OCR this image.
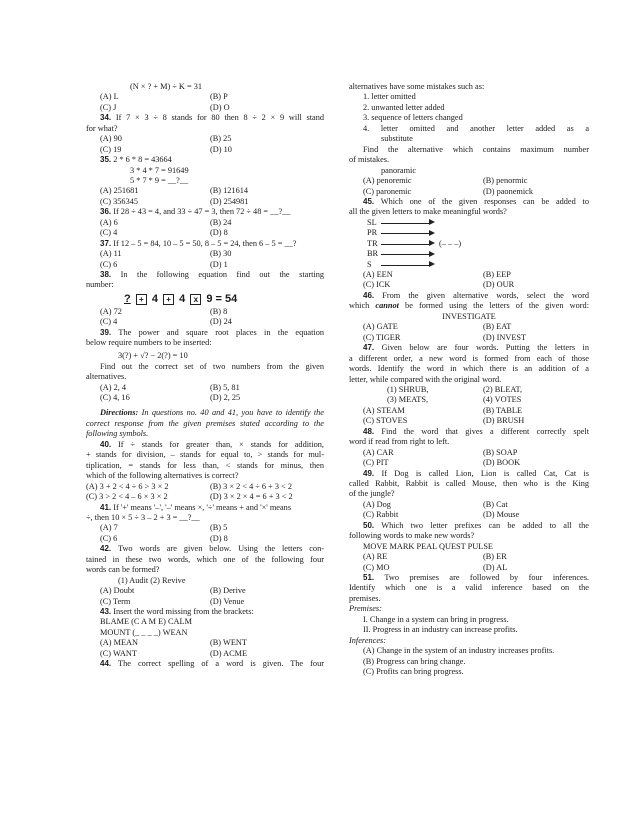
(N × ? + M) ÷ K = 31
(A) L	(B) P
(C) J	(D) O
34. If 7 × 3 ÷ 8 stands for 80 then 8 ÷ 2 × 9 will stand
for what?
(A) 90	(B) 25
(C) 19	(D) 10
35. 2 * 6 * 8 = 43664
3 * 4 * 7 = 91649
5 * 7 * 9 = __?__
(A) 251681	(B) 121614
(C) 356345	(D) 254981
36. If 28 ÷ 43 = 4, and 33 ÷ 47 = 3, then 72 ÷ 48 = __?__
(A) 6	(B) 24
(C) 4	(D) 8
37. If 12 – 5 = 84, 10 – 5 = 50, 8 – 5 = 24, then 6 – 5 = __?
(A) 11	(B) 30
(C) 6	(D) 1
38. In the following equation find out the starting
number:
? + 4 + 4 x 9 = 54
(A) 72	(B) 8
(C) 4	(D) 24
39. The power and square root places in the equation
below require numbers to be inserted:
3(?) + √? − 2(?) = 10
Find out the correct set of two numbers from the given
alternatives.
(A) 2, 4	(B) 5, 81
(C) 4, 16	(D) 2, 25
Directions: In questions no. 40 and 41, you have to identify the
correct response from the given premises stated according to the
following symbols.
40. If ÷ stands for greater than, × stands for addition,
+ stands for division, – stands for equal to, > stands for mul-
tiplication, = stands for less than, < stands for minus, then
which of the following alternatives is correct?
(A) 3 + 2 < 4 ÷ 6 > 3 × 2	(B) 3 × 2 < 4 ÷ 6 + 3 < 2
(C) 3 > 2 < 4 – 6 × 3 × 2	(D) 3 × 2 × 4 = 6 + 3 < 2
41. If '+' means '–', '–' means ×, '÷' means + and '×' means
÷, then 10 × 5 ÷ 3 – 2 + 3 = __?__
(A) 7	(B) 5
(C) 6	(D) 8
42. Two words are given below. Using the letters con-
tained in these two words, which one of the following four
words can be formed?
(1) Audit (2) Revive
(A) Doubt	(B) Derive
(C) Term	(D) Venue
43. Insert the word missing from the brackets:
BLAME (C A M E) CALM
MOUNT (_ _ _ _) WEAN
(A) MEAN	(B) WENT
(C) WANT	(D) ACME
44. The correct spelling of a word is given. The four
alternatives have some mistakes such as:
1. letter omitted
2. unwanted letter added
3. sequence of letters changed
4. letter omitted and another letter added as a
substitute
Find the alternative which contains maximum number
of mistakes.
panoramic
(A) penoremic	(B) penormic
(C) paronemic	(D) paonemick
45. Which one of the given responses can be added to
all the given letters to make meaningful words?
SL
PR
TR	(– – –)
BR
S
(A) EEN	(B) EEP
(C) ICK	(D) OUR
46. From the given alternative words, select the word
which cannot be formed using the letters of the given word:
INVESTIGATE
(A) GATE	(B) EAT
(C) TIGER	(D) INVEST
47. Given below are four words. Putting the letters in
a different order, a new word is formed from each of those
words. Identify the word in which there is an addition of a
letter, while compared with the original word.
(1) SHRUB,	(2) BLEAT,
(3) MEATS,	(4) VOTES
(A) STEAM	(B) TABLE
(C) STOVES	(D) BRUSH
48. Find the word that gives a different correctly spelt
word if read from right to left.
(A) CAR	(B) SOAP
(C) PIT	(D) BOOK
49. If Dog is called Lion, Lion is called Cat, Cat is
called Rabbit, Rabbit is called Mouse, then who is the King
of the jungle?
(A) Dog	(B) Cat
(C) Rabbit	(D) Mouse
50. Which two letter prefixes can be added to all the
following words to make new words?
MOVE MARK PEAL QUEST PULSE
(A) RE	(B) ER
(C) MO	(D) AL
51. Two premises are followed by four inferences.
Identify which one is a valid inference based on the
premises.
Premises:
I. Change in a system can bring in progress.
II. Progress in an industry can increase profits.
Inferences:
(A) Change in the system of an industry increases profits.
(B) Progress can bring change.
(C) Profits can bring progress.
